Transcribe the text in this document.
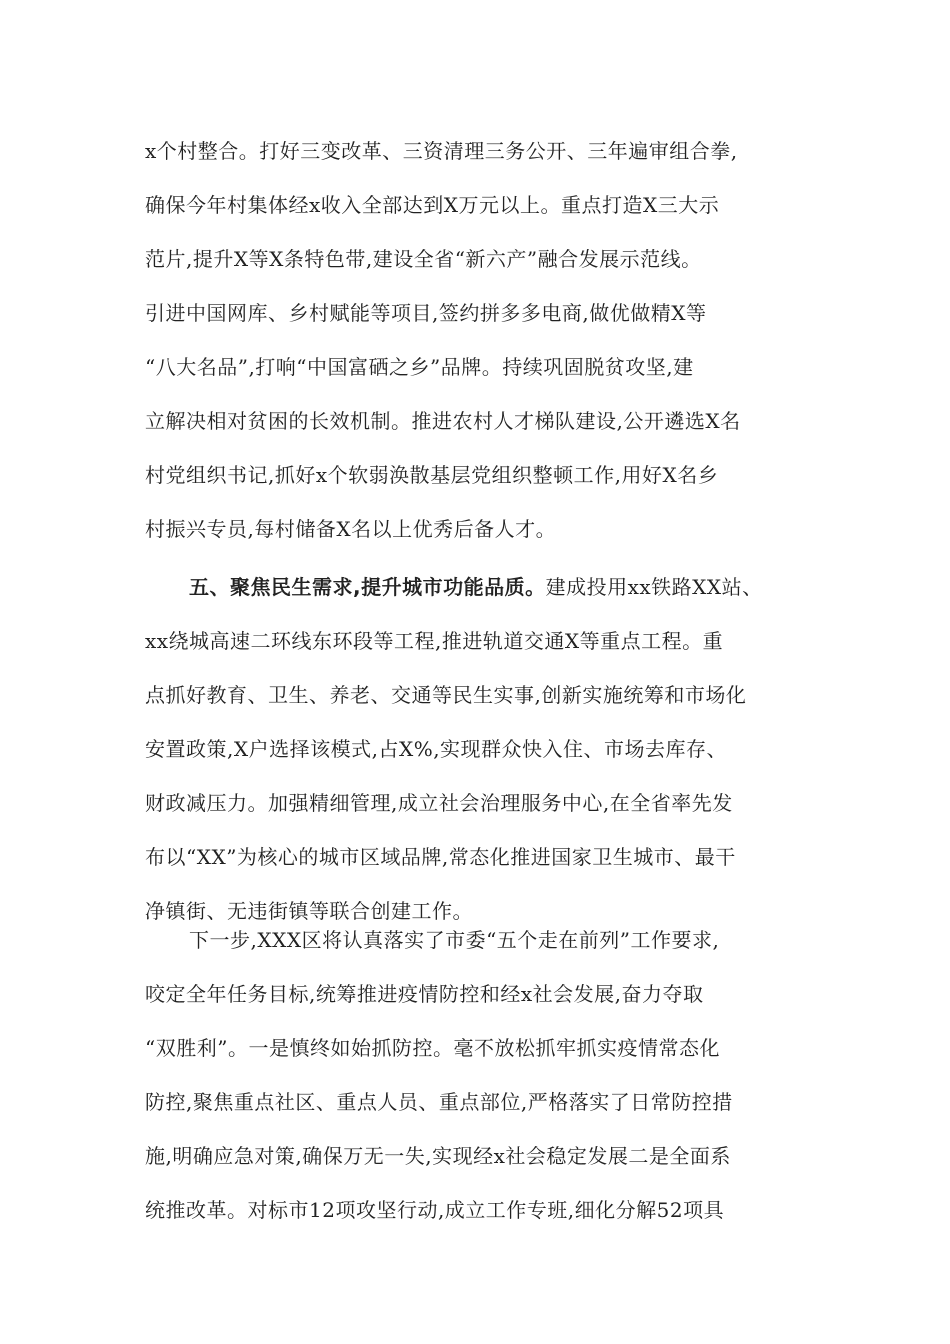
x个村整合。打好三变改革、三资清理三务公开、三年遍审组合拳,
确保今年村集体经x收入全部达到X万元以上。重点打造X三大示
范片,提升X等X条特色带,建设全省“新六产”融合发展示范线。
引进中国网库、乡村赋能等项目,签约拼多多电商,做优做精X等
“八大名品”,打响“中国富硒之乡”品牌。持续巩固脱贫攻坚,建
立解决相对贫困的长效机制。推进农村人才梯队建设,公开遴选X名
村党组织书记,抓好x个软弱涣散基层党组织整顿工作,用好X名乡
村振兴专员,每村储备X名以上优秀后备人才。
五、聚焦民生需求,提升城市功能品质。建成投用xx铁路XX站、
xx绕城高速二环线东环段等工程,推进轨道交通X等重点工程。重
点抓好教育、卫生、养老、交通等民生实事,创新实施统筹和市场化
安置政策,X户选择该模式,占X%,实现群众快入住、市场去库存、
财政减压力。加强精细管理,成立社会治理服务中心,在全省率先发
布以“XX”为核心的城市区域品牌,常态化推进国家卫生城市、最干
净镇街、无违街镇等联合创建工作。
下一步,XXX区将认真落实了市委“五个走在前列”工作要求,
咬定全年任务目标,统筹推进疫情防控和经x社会发展,奋力夺取
“双胜利”。一是慎终如始抓防控。毫不放松抓牢抓实疫情常态化
防控,聚焦重点社区、重点人员、重点部位,严格落实了日常防控措
施,明确应急对策,确保万无一失,实现经x社会稳定发展二是全面系
统推改革。对标市12项攻坚行动,成立工作专班,细化分解52项具
